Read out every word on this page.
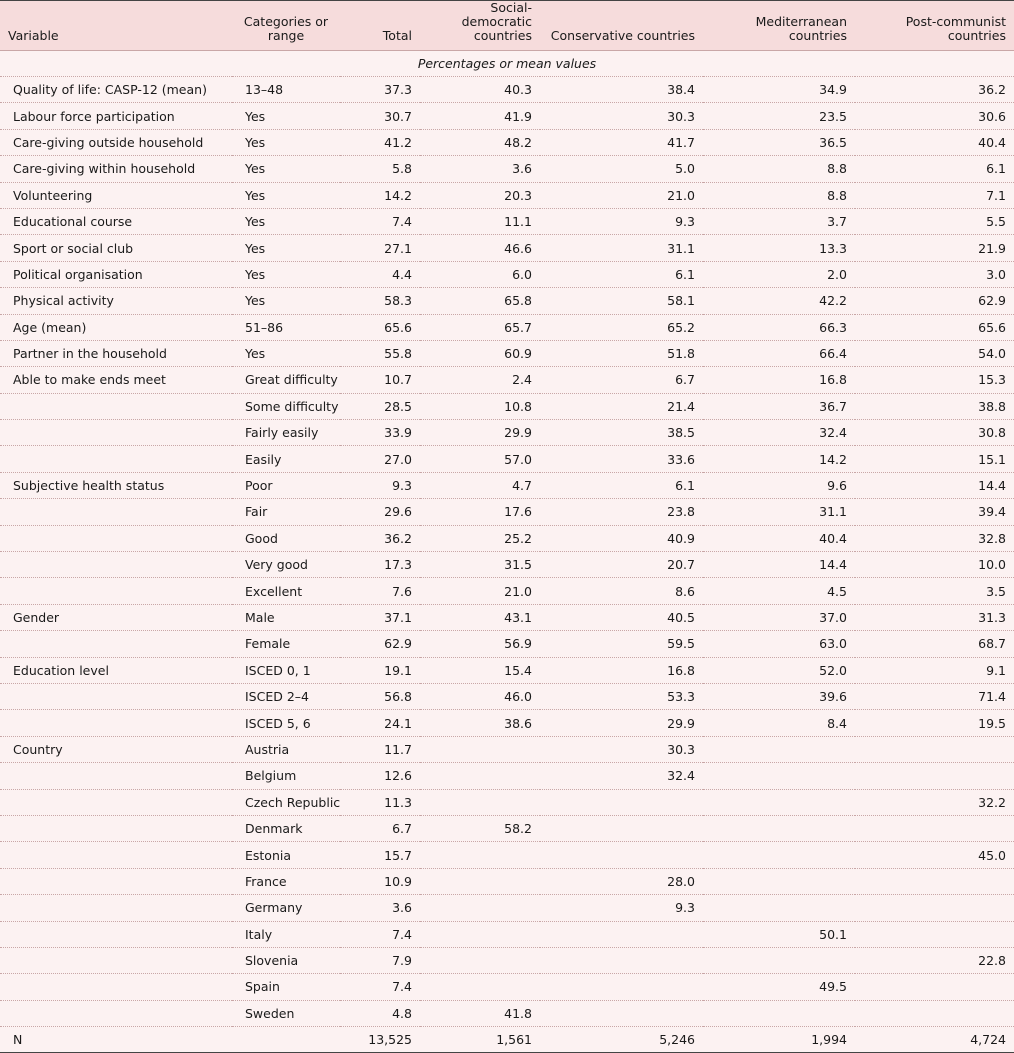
Variable	Categories or range	Total	Social-democratic countries	Conservative countries	Mediterranean countries	Post-communist countries
Percentages or mean values						
Quality of life: CASP-12 (mean)	13–48	37.3	40.3	38.4	34.9	36.2
Labour force participation	Yes	30.7	41.9	30.3	23.5	30.6
Care-giving outside household	Yes	41.2	48.2	41.7	36.5	40.4
Care-giving within household	Yes	5.8	3.6	5.0	8.8	6.1
Volunteering	Yes	14.2	20.3	21.0	8.8	7.1
Educational course	Yes	7.4	11.1	9.3	3.7	5.5
Sport or social club	Yes	27.1	46.6	31.1	13.3	21.9
Political organisation	Yes	4.4	6.0	6.1	2.0	3.0
Physical activity	Yes	58.3	65.8	58.1	42.2	62.9
Age (mean)	51–86	65.6	65.7	65.2	66.3	65.6
Partner in the household	Yes	55.8	60.9	51.8	66.4	54.0
Able to make ends meet	Great difficulty	10.7	2.4	6.7	16.8	15.3
	Some difficulty	28.5	10.8	21.4	36.7	38.8
	Fairly easily	33.9	29.9	38.5	32.4	30.8
	Easily	27.0	57.0	33.6	14.2	15.1
Subjective health status	Poor	9.3	4.7	6.1	9.6	14.4
	Fair	29.6	17.6	23.8	31.1	39.4
	Good	36.2	25.2	40.9	40.4	32.8
	Very good	17.3	31.5	20.7	14.4	10.0
	Excellent	7.6	21.0	8.6	4.5	3.5
Gender	Male	37.1	43.1	40.5	37.0	31.3
	Female	62.9	56.9	59.5	63.0	68.7
Education level	ISCED 0, 1	19.1	15.4	16.8	52.0	9.1
	ISCED 2–4	56.8	46.0	53.3	39.6	71.4
	ISCED 5, 6	24.1	38.6	29.9	8.4	19.5
Country	Austria	11.7		30.3		
	Belgium	12.6		32.4		
	Czech Republic	11.3				32.2
	Denmark	6.7	58.2			
	Estonia	15.7				45.0
	France	10.9		28.0		
	Germany	3.6		9.3		
	Italy	7.4			50.1	
	Slovenia	7.9				22.8
	Spain	7.4			49.5	
	Sweden	4.8	41.8			
N		13,525	1,561	5,246	1,994	4,724
